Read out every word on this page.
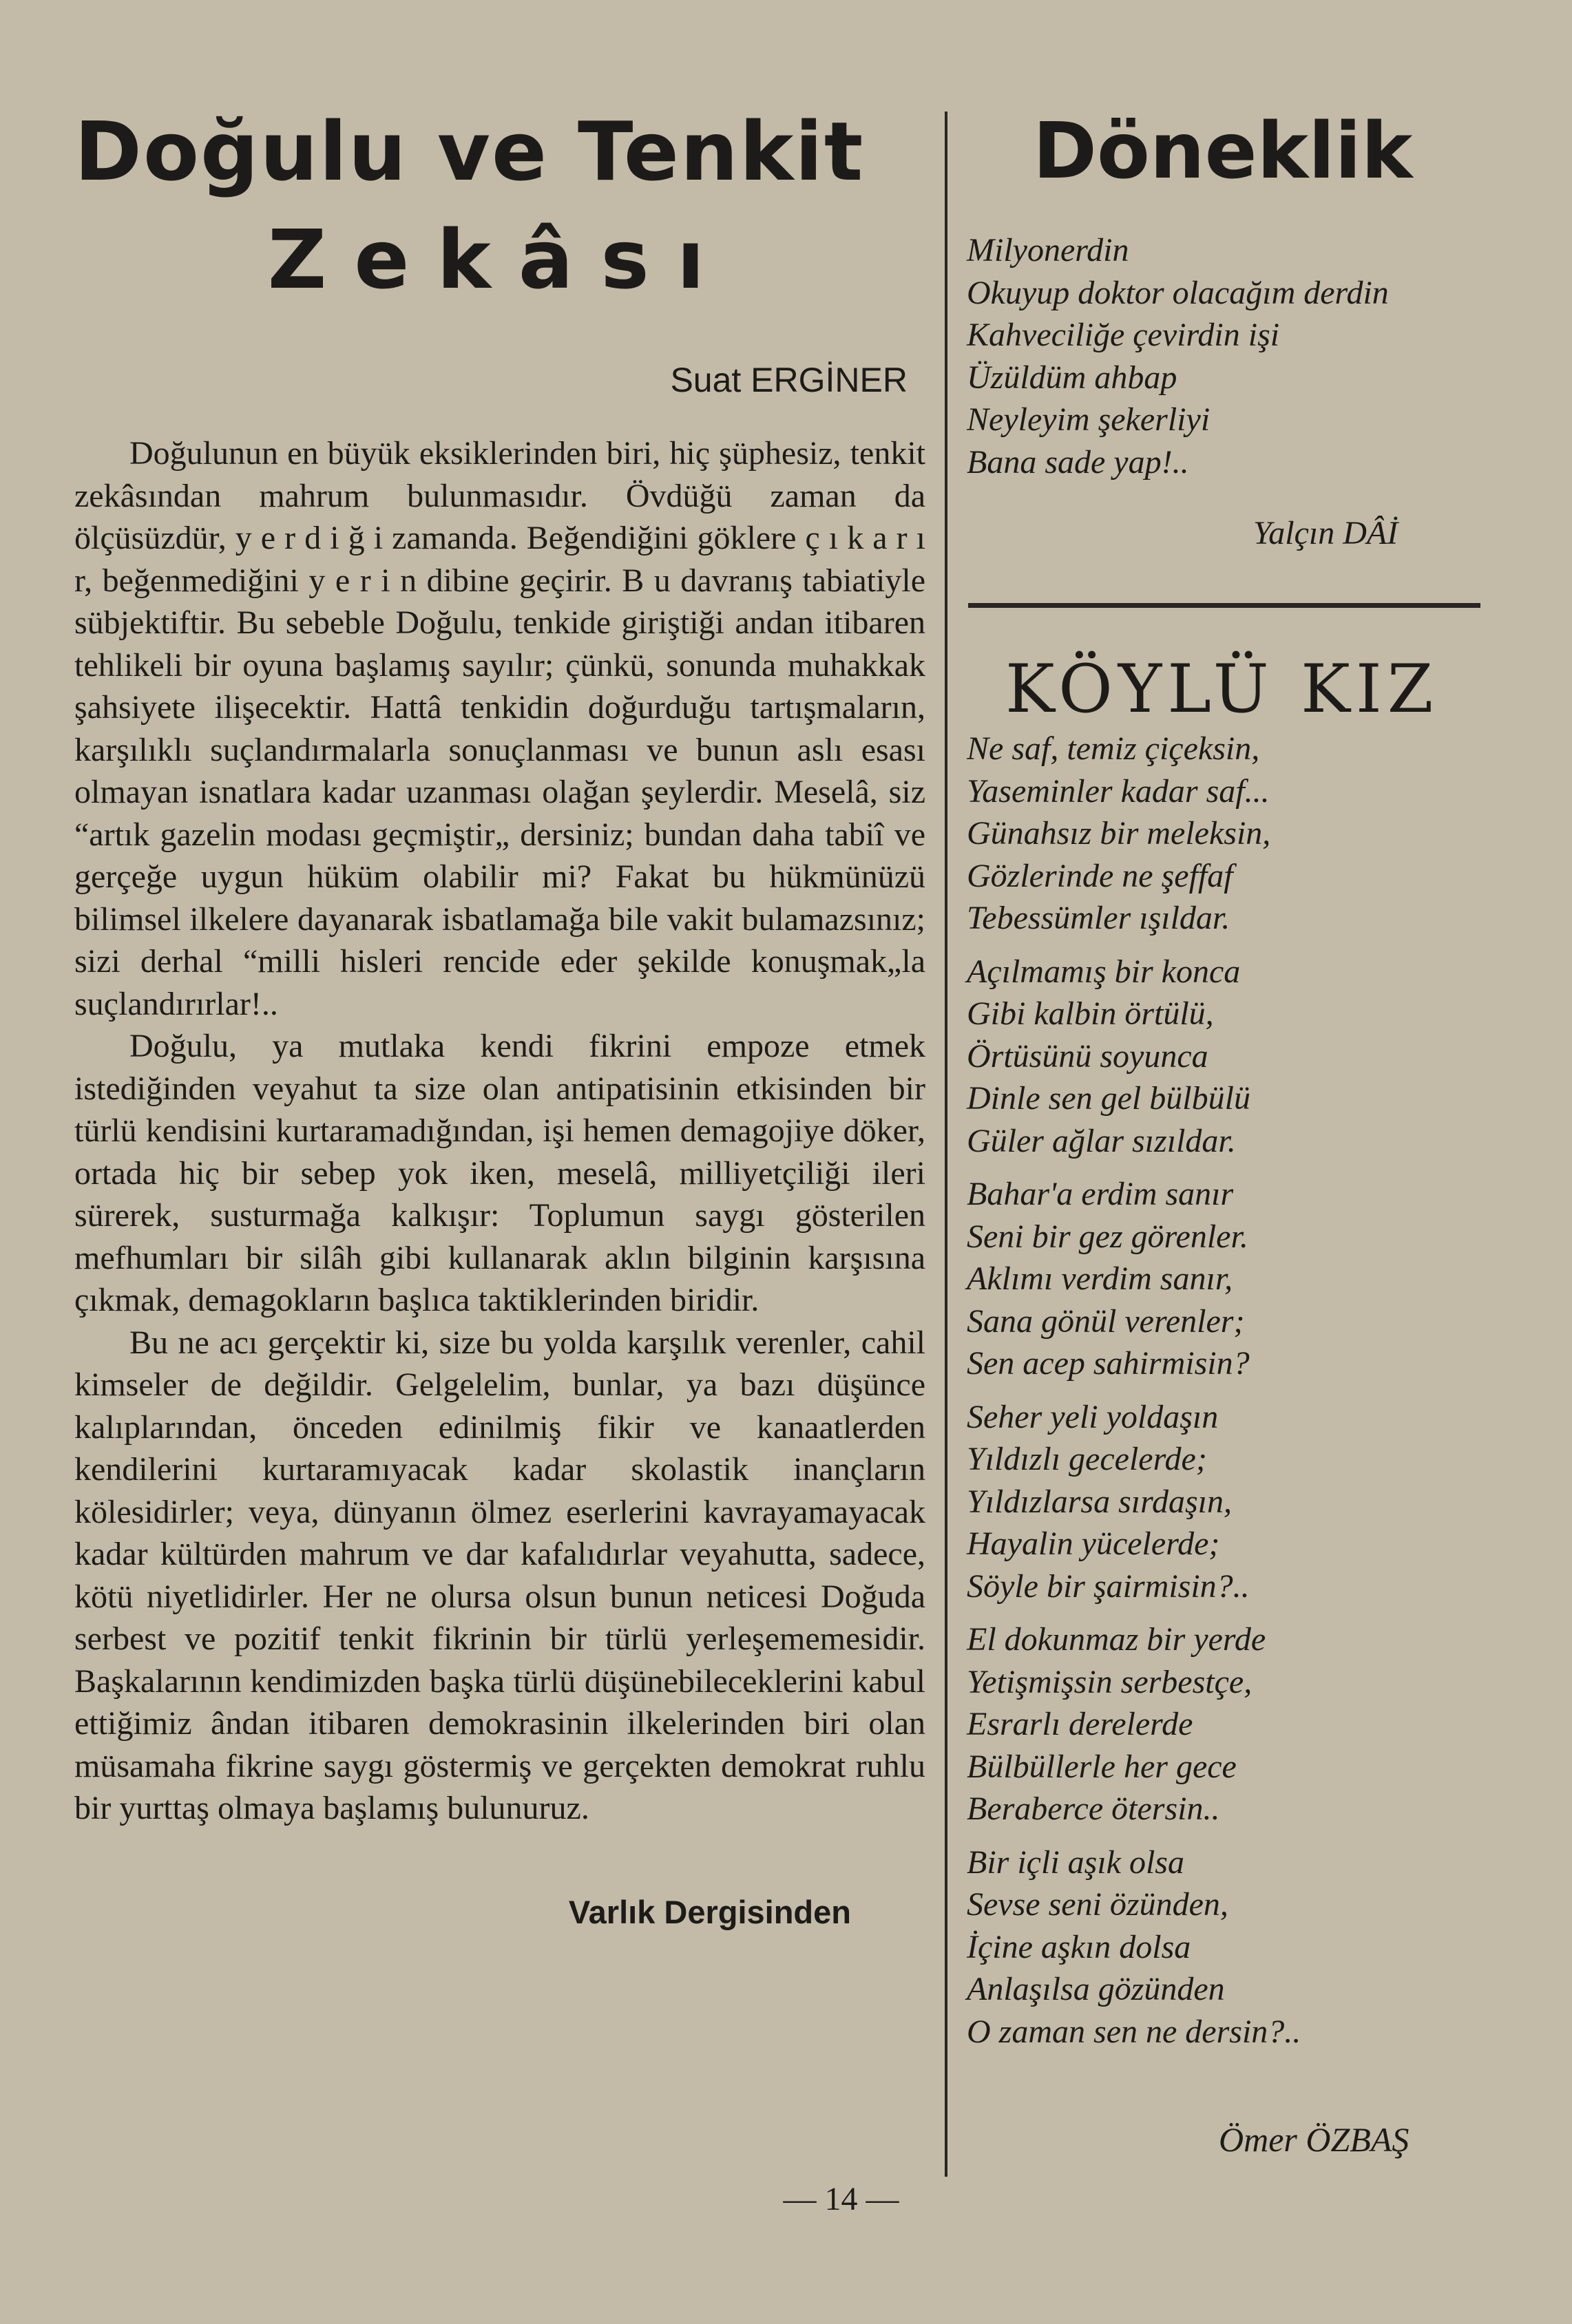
Doğulu ve Tenkit
Zekâsı
Suat ERGİNER

Doğulunun en büyük eksiklerinden biri, hiç şüphesiz, tenkit zekâsından mahrum bulunmasıdır. Övdüğü zaman da ölçüsüzdür, y e r d i ğ i zamanda. Beğendiğini göklere ç ı k a r ı r, beğenmediğini y e r i n dibine geçirir. B u davranış tabiatiyle sübjektiftir. Bu sebeble Doğulu, tenkide giriştiği andan itibaren tehlikeli bir oyuna başlamış sayılır; çünkü, sonunda muhakkak şahsiyete ilişecektir. Hattâ tenkidin doğurduğu tartışmaların, karşılıklı suçlandırmalarla sonuçlanması ve bunun aslı esası olmayan isnatlara kadar uzanması olağan şeylerdir. Meselâ, siz “artık gazelin modası geçmiştir„ dersiniz; bundan daha tabiî ve gerçeğe uygun hüküm olabilir mi? Fakat bu hükmünüzü bilimsel ilkelere dayanarak isbatlamağa bile vakit bulamazsınız; sizi derhal “milli hisleri rencide eder şekilde konuşmak„la suçlandırırlar!..

Doğulu, ya mutlaka kendi fikrini empoze etmek istediğinden veyahut ta size olan antipatisinin etkisinden bir türlü kendisini kurtaramadığından, işi hemen demagojiye döker, ortada hiç bir sebep yok iken, meselâ, milliyetçiliği ileri sürerek, susturmağa kalkışır: Toplumun saygı gösterilen mefhumları bir silâh gibi kullanarak aklın bilginin karşısına çıkmak, demagokların başlıca taktiklerinden biridir.

Bu ne acı gerçektir ki, size bu yolda karşılık verenler, cahil kimseler de değildir. Gelgelelim, bunlar, ya bazı düşünce kalıplarından, önceden edinilmiş fikir ve kanaatlerden kendilerini kurtaramıyacak kadar skolastik inançların kölesidirler; veya, dünyanın ölmez eserlerini kavrayamayacak kadar kültürden mahrum ve dar kafalıdırlar veyahutta, sadece, kötü niyetlidirler. Her ne olursa olsun bunun neticesi Doğuda serbest ve pozitif tenkit fikrinin bir türlü yerleşememesidir. Başkalarının kendimizden başka türlü düşünebileceklerini kabul ettiğimiz ândan itibaren demokrasinin ilkelerinden biri olan müsamaha fikrine saygı göstermiş ve gerçekten demokrat ruhlu bir yurttaş olmaya başlamış bulunuruz.

Varlık Dergisinden
Döneklik
Milyonerdin
Okuyup doktor olacağım derdin
Kahveciliğe çevirdin işi
Üzüldüm ahbap
Neyleyim şekerliyi
Bana sade yap!..
Yalçın DÂİ
KÖYLÜ KIZ
Ne saf, temiz çiçeksin,
Yaseminler kadar saf...
Günahsız bir meleksin,
Gözlerinde ne şeffaf
Tebessümler ışıldar.
Açılmamış bir konca
Gibi kalbin örtülü,
Örtüsünü soyunca
Dinle sen gel bülbülü
Güler ağlar sızıldar.
Bahar'a erdim sanır
Seni bir gez görenler.
Aklımı verdim sanır,
Sana gönül verenler;
Sen acep sahirmisin?
Seher yeli yoldaşın
Yıldızlı gecelerde;
Yıldızlarsa sırdaşın,
Hayalin yücelerde;
Söyle bir şairmisin?..
El dokunmaz bir yerde
Yetişmişsin serbestçe,
Esrarlı derelerde
Bülbüllerle her gece
Beraberce ötersin..
Bir içli aşık olsa
Sevse seni özünden,
İçine aşkın dolsa
Anlaşılsa gözünden
O zaman sen ne dersin?..
Ömer ÖZBAŞ
— 14 —
